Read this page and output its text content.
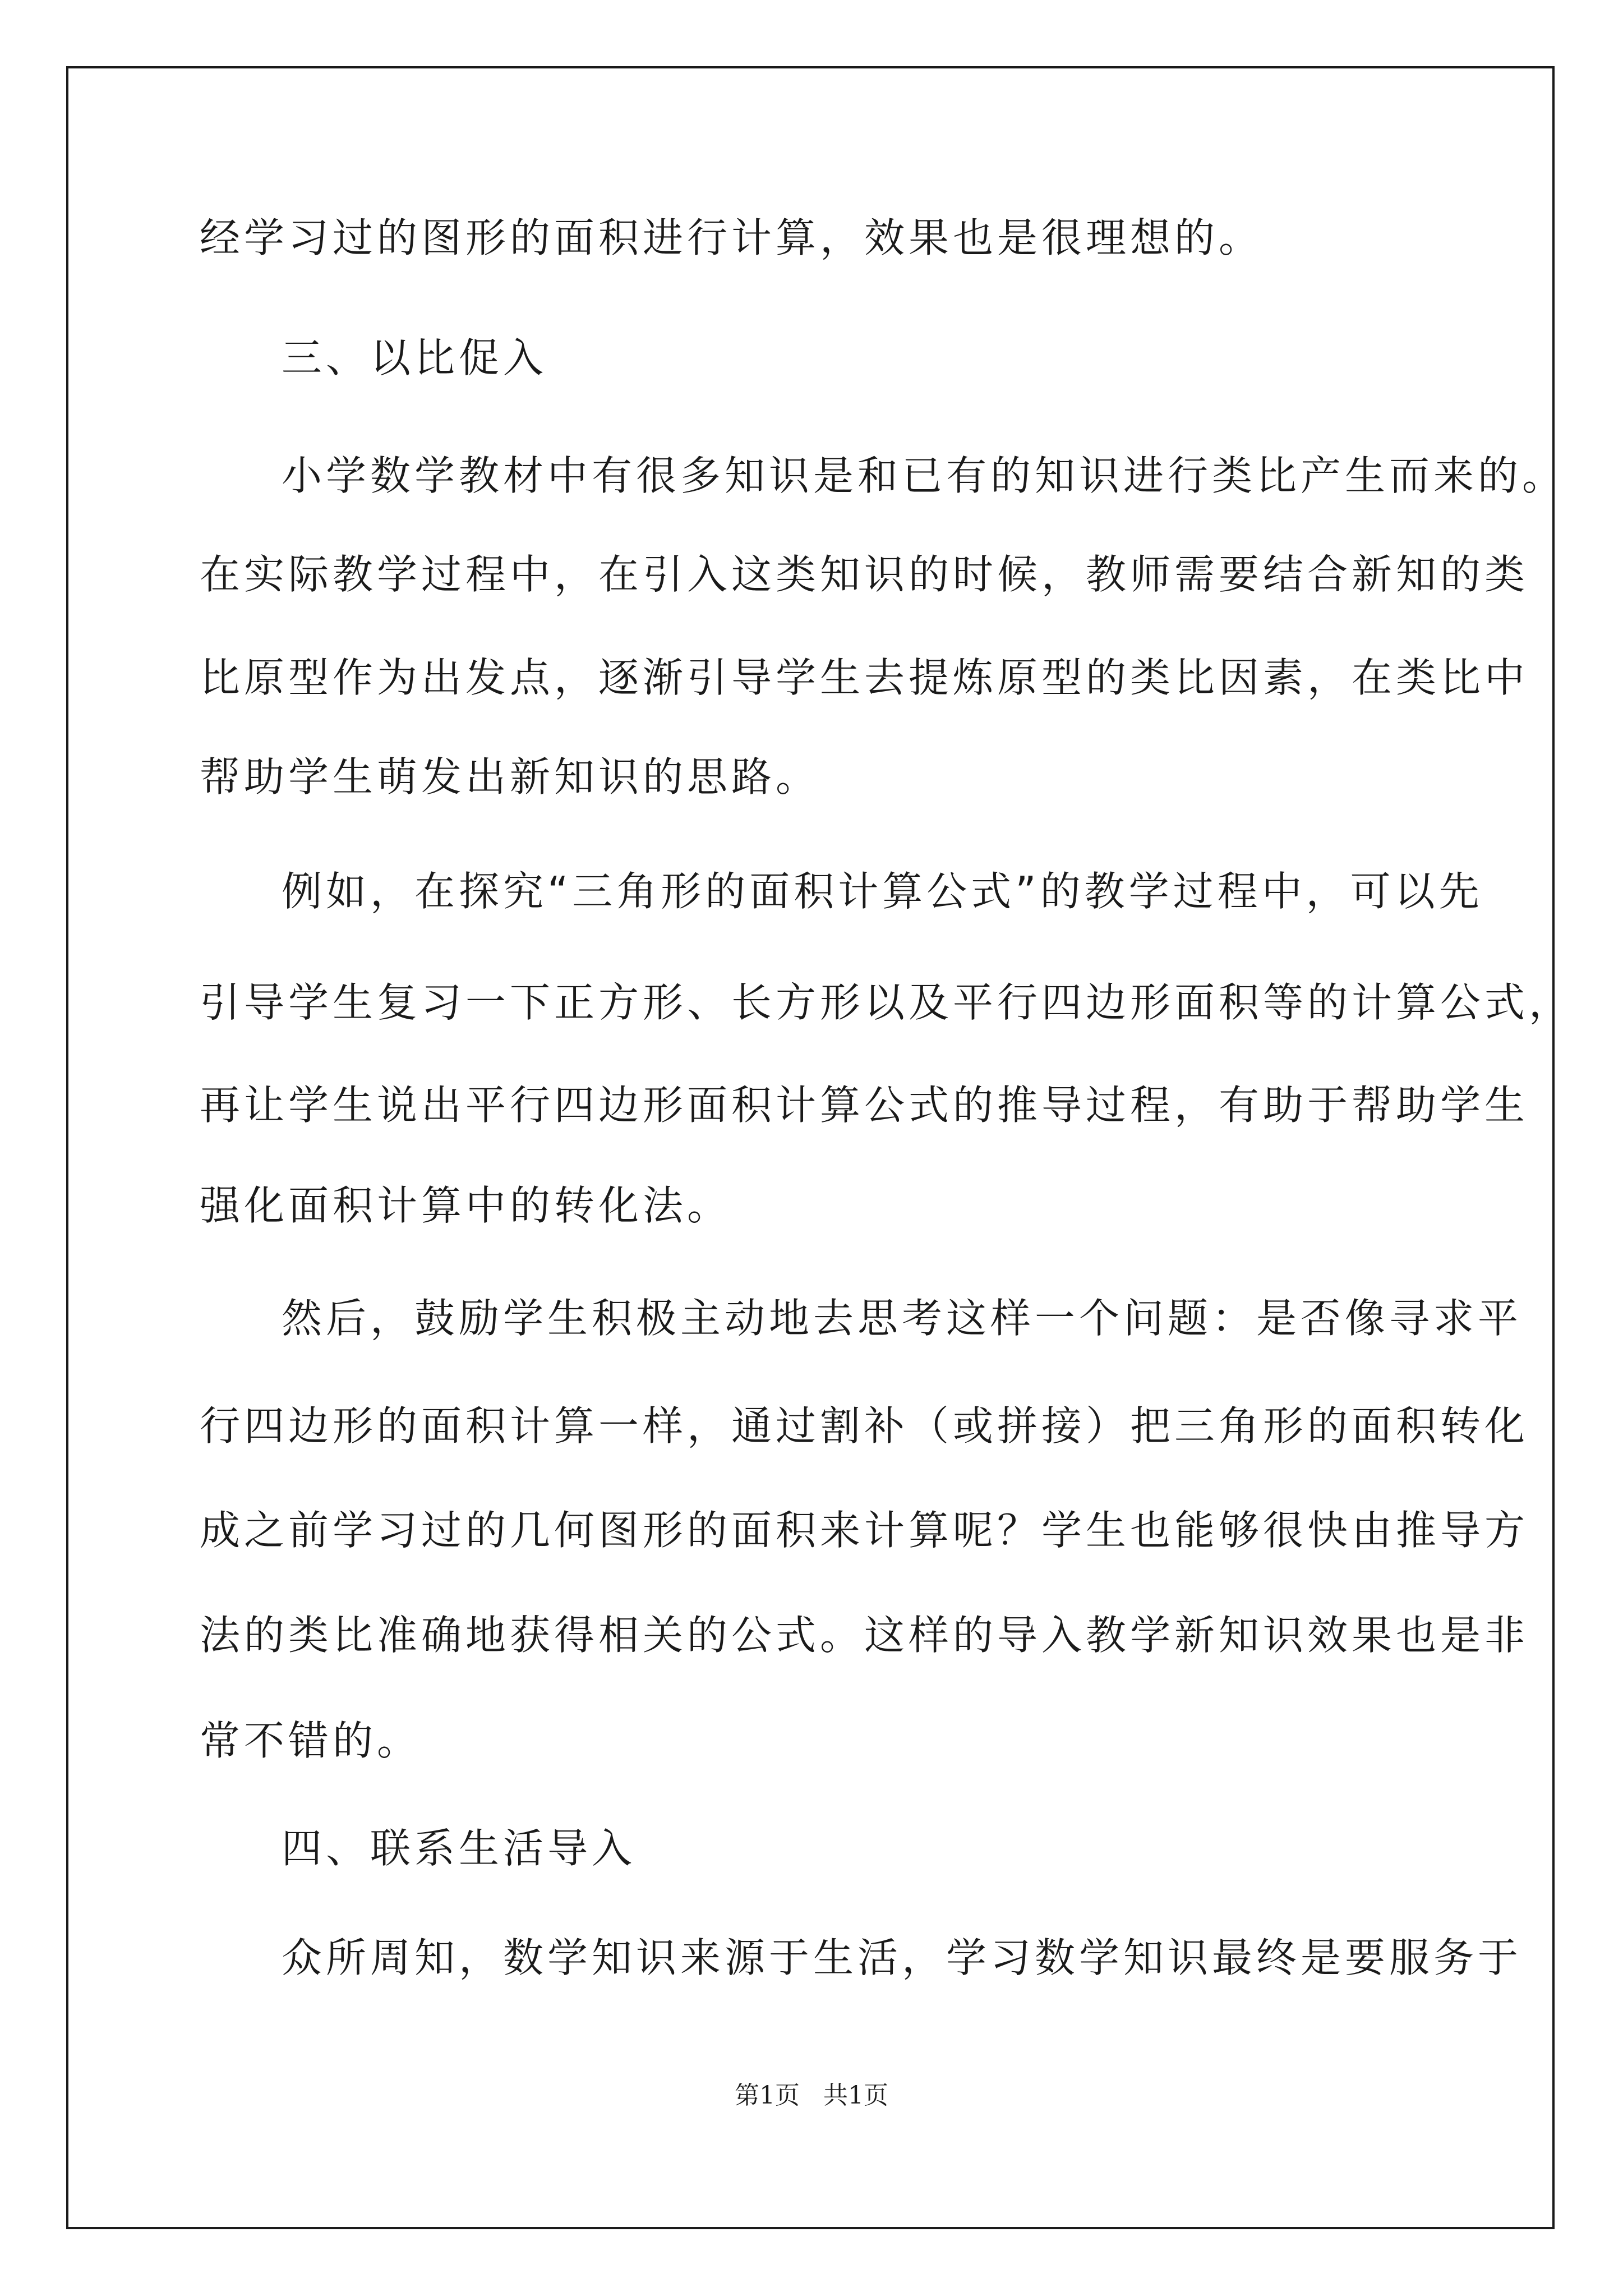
经学习过的图形的面积进行计算，效果也是很理想的。
三、以比促入
小学数学教材中有很多知识是和已有的知识进行类比产生而来的。
在实际教学过程中，在引入这类知识的时候，教师需要结合新知的类
比原型作为出发点，逐渐引导学生去提炼原型的类比因素，在类比中
帮助学生萌发出新知识的思路。
例如，在探究“三角形的面积计算公式”的教学过程中，可以先
引导学生复习一下正方形、长方形以及平行四边形面积等的计算公式，
再让学生说出平行四边形面积计算公式的推导过程，有助于帮助学生
强化面积计算中的转化法。
然后，鼓励学生积极主动地去思考这样一个问题：是否像寻求平
行四边形的面积计算一样，通过割补（或拼接）把三角形的面积转化
成之前学习过的几何图形的面积来计算呢？学生也能够很快由推导方
法的类比准确地获得相关的公式。这样的导入教学新知识效果也是非
常不错的。
四、联系生活导入
众所周知，数学知识来源于生活，学习数学知识最终是要服务于
第1页   共1页
